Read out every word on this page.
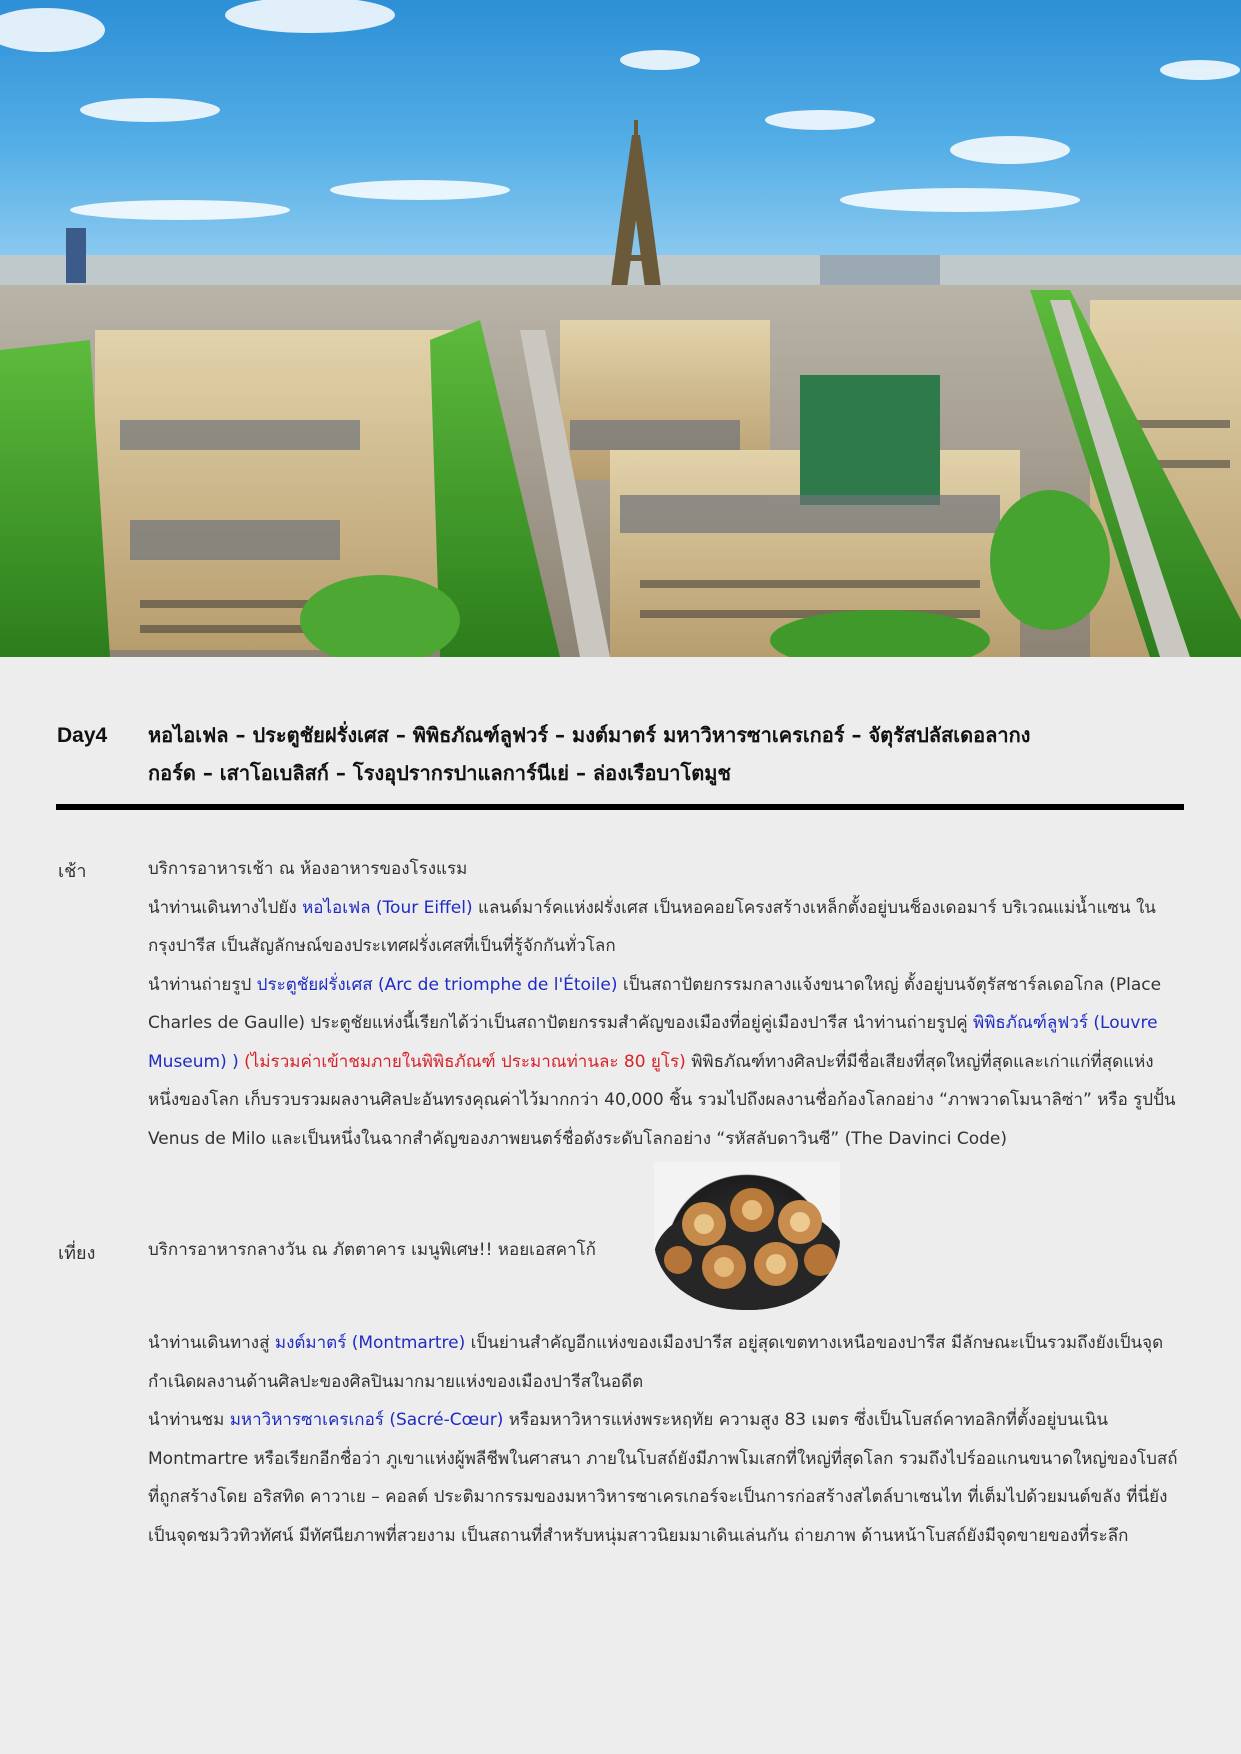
Day4 หอไอเฟล – ประตูชัยฝรั่งเศส – พิพิธภัณฑ์ลูฟวร์ – มงต์มาตร์ มหาวิหารซาเครเกอร์ – จัตุรัสปลัสเดอลากง
กอร์ด – เสาโอเบลิสก์ – โรงอุปรากรปาแลการ์นีเย่ – ล่องเรือบาโตมูช
เช้า	บริการอาหารเช้า ณ ห้องอาหารของโรงแรม

นำท่านเดินทางไปยัง หอไอเฟล (Tour Eiffel) แลนด์มาร์คแห่งฝรั่งเศส เป็นหอคอยโครงสร้างเหล็กตั้งอยู่บนช็องเดอมาร์ บริเวณแม่น้ำแซน ในกรุงปารีส เป็นสัญลักษณ์ของประเทศฝรั่งเศสที่เป็นที่รู้จักกันทั่วโลก

นำท่านถ่ายรูป ประตูชัยฝรั่งเศส (Arc de triomphe de l'Étoile) เป็นสถาปัตยกรรมกลางแจ้งขนาดใหญ่ ตั้งอยู่บนจัตุรัสชาร์ลเดอโกล (Place Charles de Gaulle) ประตูชัยแห่งนี้เรียกได้ว่าเป็นสถาปัตยกรรมสำคัญของเมืองที่อยู่คู่เมืองปารีส นำท่านถ่ายรูปคู่ พิพิธภัณฑ์ลูฟวร์ (Louvre Museum) ) (ไม่รวมค่าเข้าชมภายในพิพิธภัณฑ์ ประมาณท่านละ 80 ยูโร) พิพิธภัณฑ์ทางศิลปะที่มีชื่อเสียงที่สุดใหญ่ที่สุดและเก่าแก่ที่สุดแห่งหนึ่งของโลก เก็บรวบรวมผลงานศิลปะอันทรงคุณค่าไว้มากกว่า 40,000 ชิ้น รวมไปถึงผลงานชื่อก้องโลกอย่าง “ภาพวาดโมนาลิซ่า” หรือ รูปปั้น Venus de Milo และเป็นหนึ่งในฉากสำคัญของภาพยนตร์ชื่อดังระดับโลกอย่าง “รหัสลับดาวินซี” (The Davinci Code)

เที่ยง	บริการอาหารกลางวัน ณ ภัตตาคาร เมนูพิเศษ!! หอยเอสคาโก้

นำท่านเดินทางสู่ มงต์มาตร์ (Montmartre) เป็นย่านสำคัญอีกแห่งของเมืองปารีส อยู่สุดเขตทางเหนือของปารีส มีลักษณะเป็นรวมถึงยังเป็นจุดกำเนิดผลงานด้านศิลปะของศิลปินมากมายแห่งของเมืองปารีสในอดีต

นำท่านชม มหาวิหารซาเครเกอร์ (Sacré-Cœur) หรือมหาวิหารแห่งพระหฤทัย ความสูง 83 เมตร ซึ่งเป็นโบสถ์คาทอลิกที่ตั้งอยู่บนเนิน Montmartre หรือเรียกอีกชื่อว่า ภูเขาแห่งผู้พลีชีพในศาสนา ภายในโบสถ์ยังมีภาพโมเสกที่ใหญ่ที่สุดโลก รวมถึงไปร์ออแกนขนาดใหญ่ของโบสถ์ที่ถูกสร้างโดย อริสทิด คาวาเย – คอลต์ ประติมากรรมของมหาวิหารซาเครเกอร์จะเป็นการก่อสร้างสไตล์บาเซนไท ที่เต็มไปด้วยมนต์ขลัง ที่นี่ยังเป็นจุดชมวิวทิวทัศน์ มีทัศนียภาพที่สวยงาม เป็นสถานที่สำหรับหนุ่มสาวนิยมมาเดินเล่นกัน ถ่ายภาพ ด้านหน้าโบสถ์ยังมีจุดขายของที่ระลึก
